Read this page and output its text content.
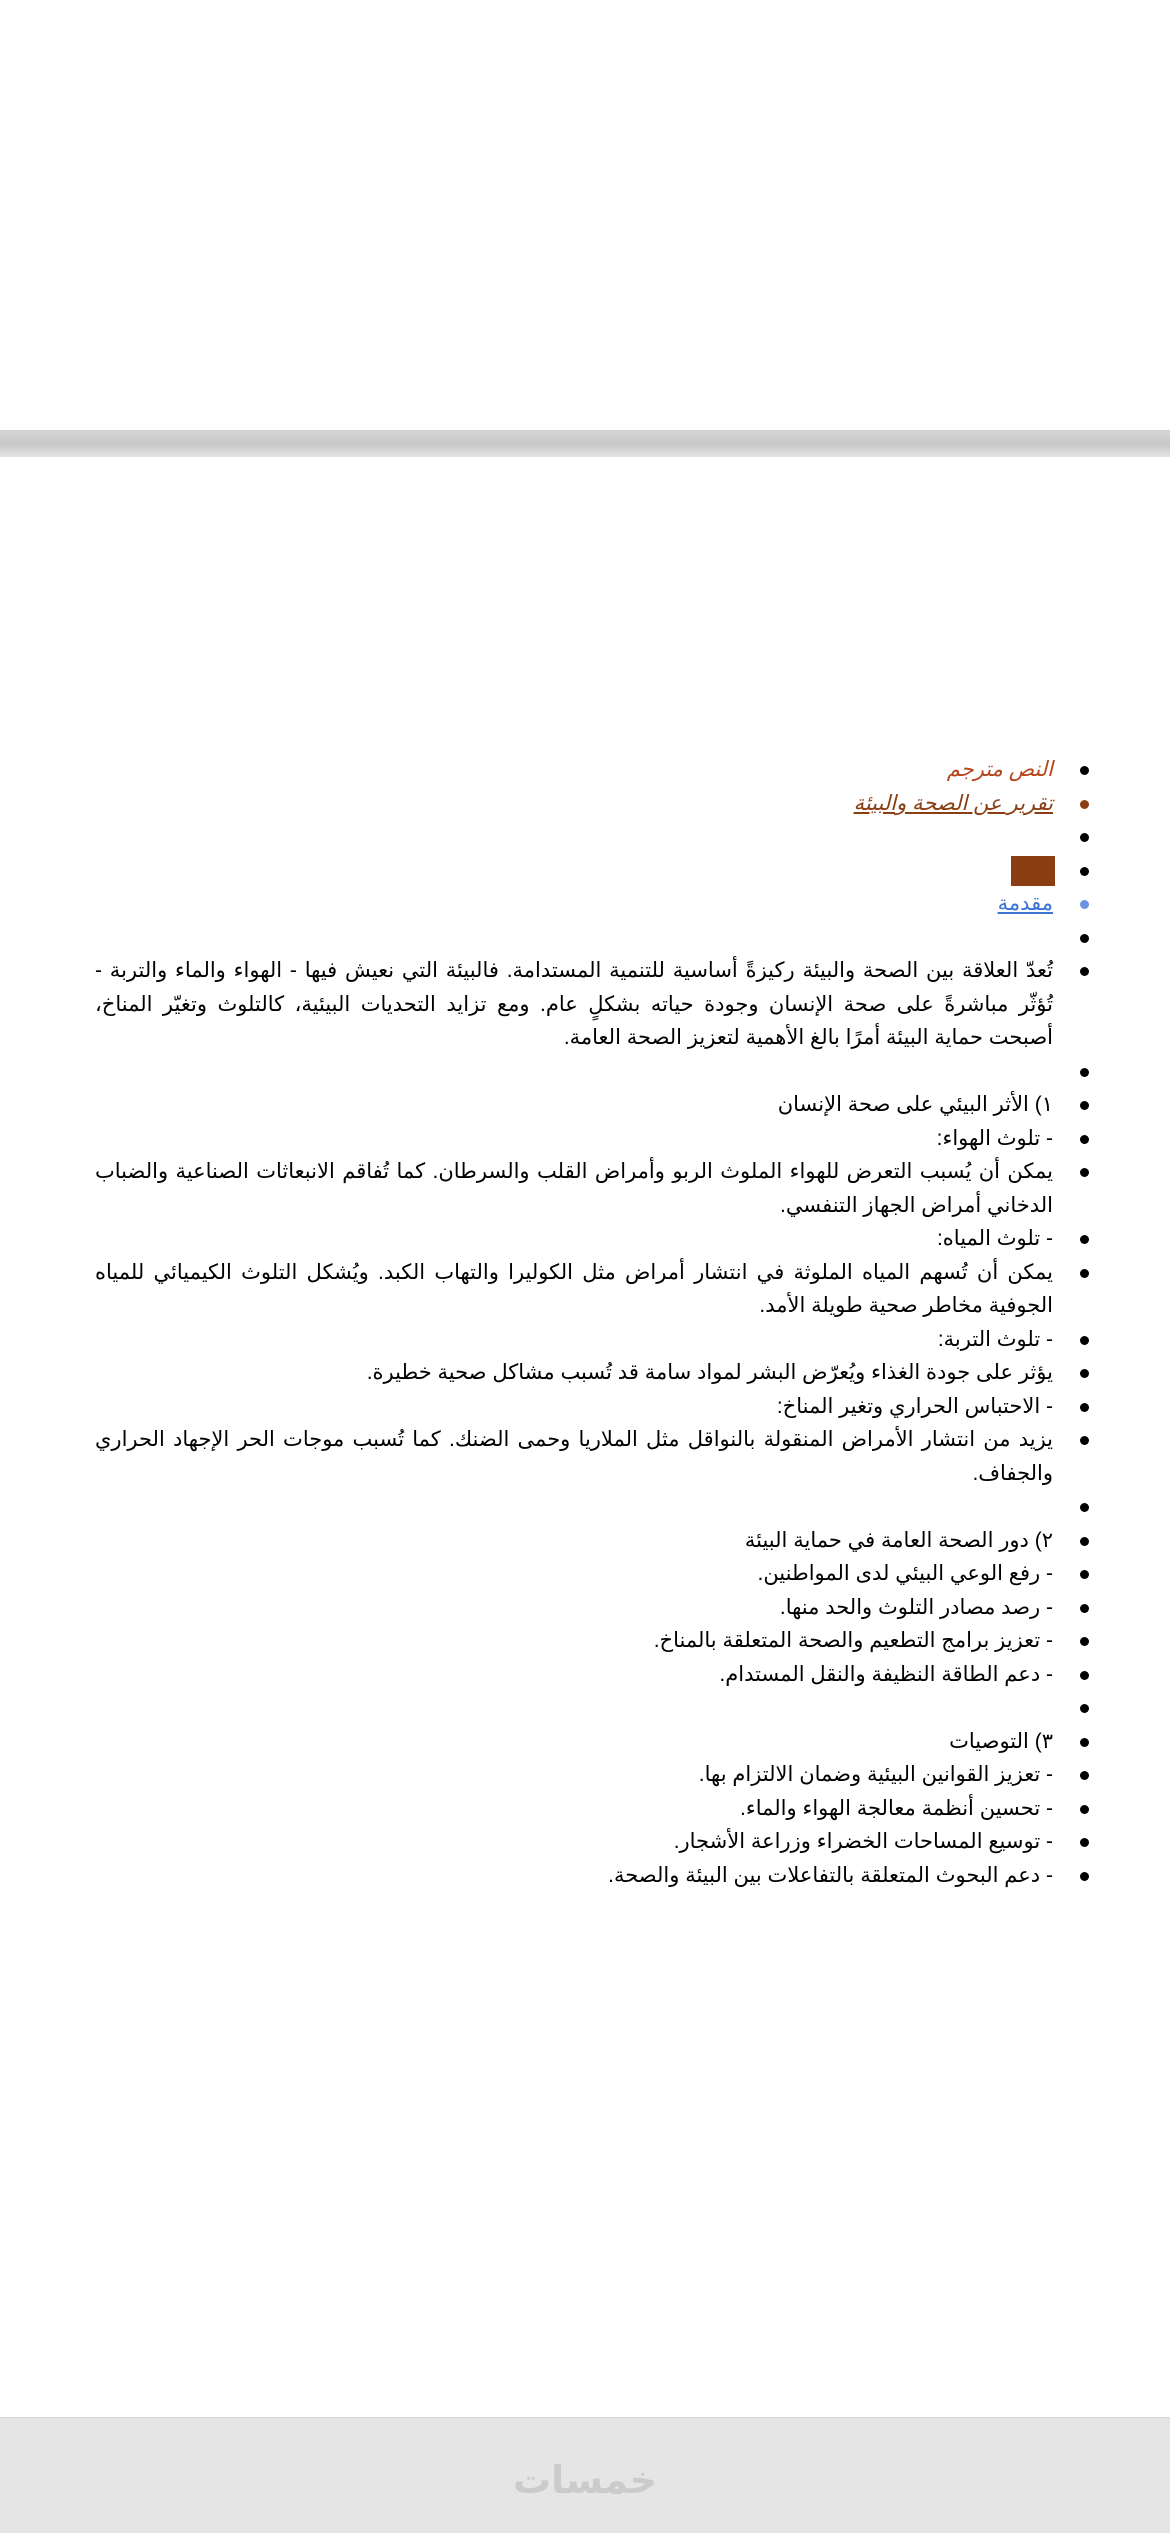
النص مترجم
تقرير عن الصحة والبيئة
مقدمة
تُعدّ العلاقة بين الصحة والبيئة ركيزةً أساسية للتنمية المستدامة. فالبيئة التي نعيش فيها - الهواء والماء والتربة - تُؤثّر مباشرةً على صحة الإنسان وجودة حياته بشكلٍ عام. ومع تزايد التحديات البيئية، كالتلوث وتغيّر المناخ، أصبحت حماية البيئة أمرًا بالغ الأهمية لتعزيز الصحة العامة.
١) الأثر البيئي على صحة الإنسان
- تلوث الهواء:
يمكن أن يُسبب التعرض للهواء الملوث الربو وأمراض القلب والسرطان. كما تُفاقم الانبعاثات الصناعية والضباب الدخاني أمراض الجهاز التنفسي.
- تلوث المياه:
يمكن أن تُسهم المياه الملوثة في انتشار أمراض مثل الكوليرا والتهاب الكبد. ويُشكل التلوث الكيميائي للمياه الجوفية مخاطر صحية طويلة الأمد.
- تلوث التربة:
يؤثر على جودة الغذاء ويُعرّض البشر لمواد سامة قد تُسبب مشاكل صحية خطيرة.
- الاحتباس الحراري وتغير المناخ:
يزيد من انتشار الأمراض المنقولة بالنواقل مثل الملاريا وحمى الضنك. كما تُسبب موجات الحر الإجهاد الحراري والجفاف.
٢) دور الصحة العامة في حماية البيئة
- رفع الوعي البيئي لدى المواطنين.
- رصد مصادر التلوث والحد منها.
- تعزيز برامج التطعيم والصحة المتعلقة بالمناخ.
- دعم الطاقة النظيفة والنقل المستدام.
٣) التوصيات
- تعزيز القوانين البيئية وضمان الالتزام بها.
- تحسين أنظمة معالجة الهواء والماء.
- توسيع المساحات الخضراء وزراعة الأشجار.
- دعم البحوث المتعلقة بالتفاعلات بين البيئة والصحة.
خمسات
